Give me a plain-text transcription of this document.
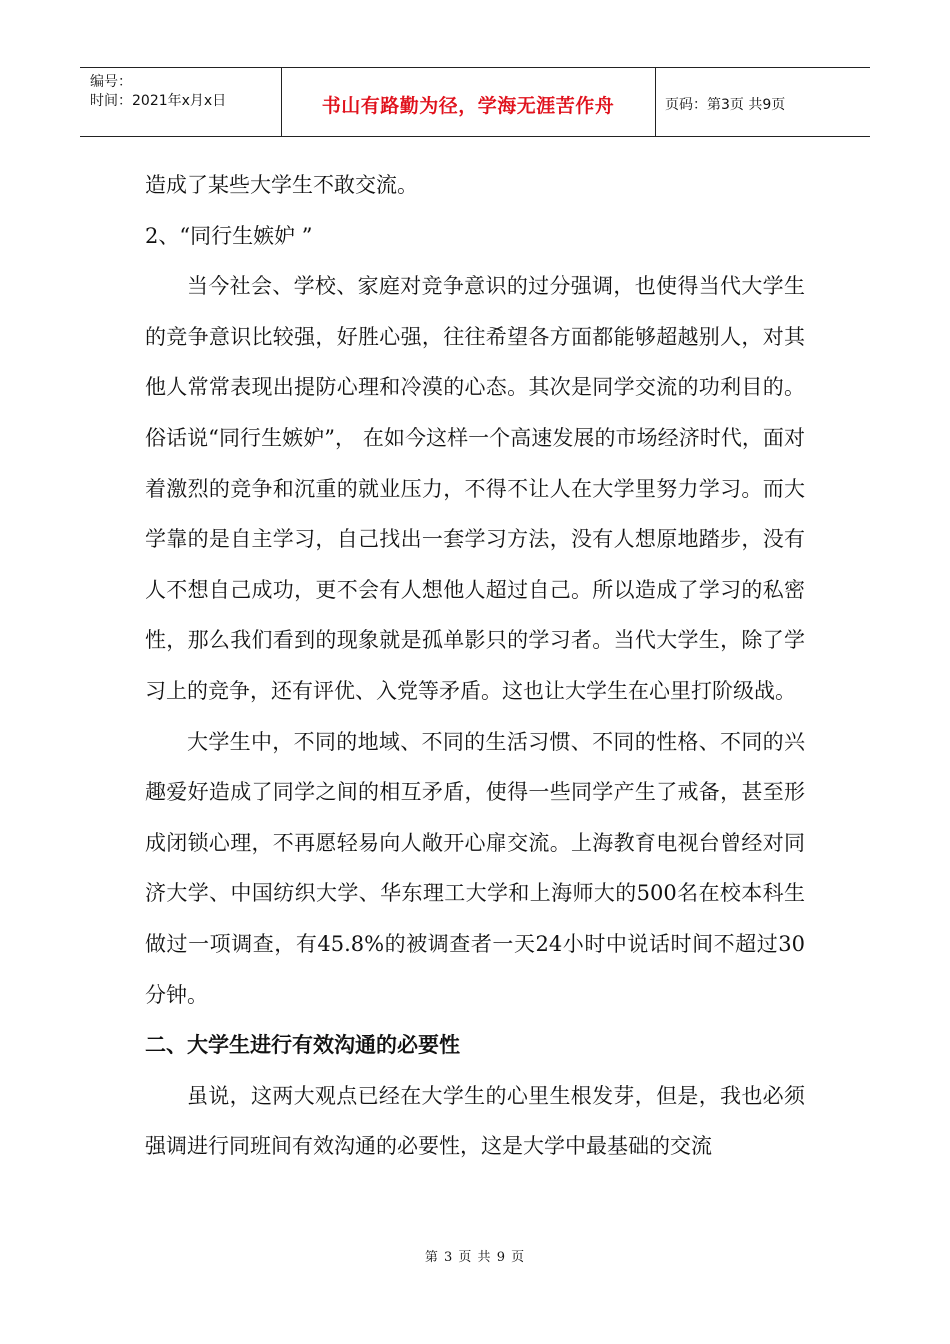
编号：
时间：2021年x月x日	书山有路勤为径，学海无涯苦作舟	页码：第3页 共9页

造成了某些大学生不敢交流。

2、“同行生嫉妒 ”

当今社会、学校、家庭对竞争意识的过分强调，也使得当代大学生的竞争意识比较强，好胜心强，往往希望各方面都能够超越别人，对其他人常常表现出提防心理和冷漠的心态。其次是同学交流的功利目的。俗话说“同行生嫉妒”， 在如今这样一个高速发展的市场经济时代，面对着激烈的竞争和沉重的就业压力，不得不让人在大学里努力学习。而大学靠的是自主学习，自己找出一套学习方法，没有人想原地踏步，没有人不想自己成功，更不会有人想他人超过自己。所以造成了学习的私密性，那么我们看到的现象就是孤单影只的学习者。当代大学生，除了学习上的竞争，还有评优、入党等矛盾。这也让大学生在心里打阶级战。

大学生中，不同的地域、不同的生活习惯、不同的性格、不同的兴趣爱好造成了同学之间的相互矛盾，使得一些同学产生了戒备，甚至形成闭锁心理，不再愿轻易向人敞开心扉交流。上海教育电视台曾经对同济大学、中国纺织大学、华东理工大学和上海师大的500名在校本科生做过一项调查，有45.8%的被调查者一天24小时中说话时间不超过30分钟。

二、大学生进行有效沟通的必要性

虽说，这两大观点已经在大学生的心里生根发芽，但是，我也必须强调进行同班间有效沟通的必要性，这是大学中最基础的交流

第 3 页 共 9 页
